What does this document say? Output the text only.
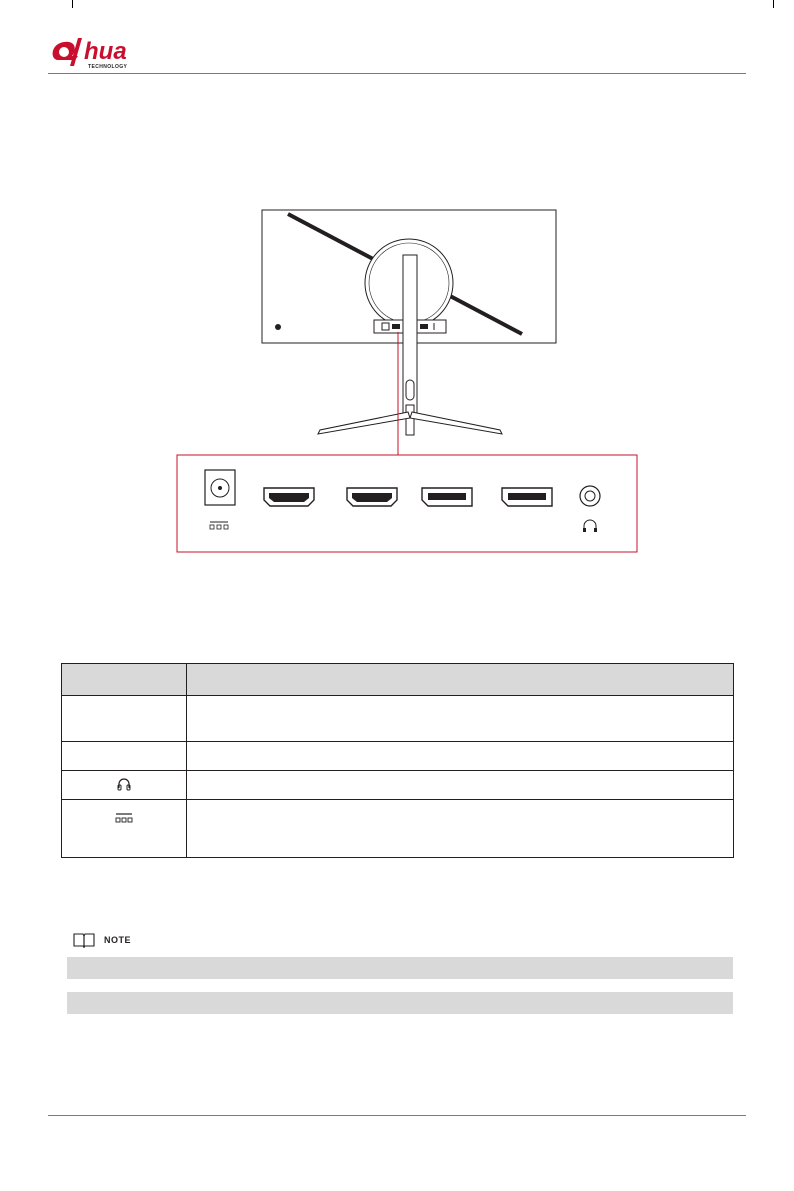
hua
TECHNOLOGY

NOTE
